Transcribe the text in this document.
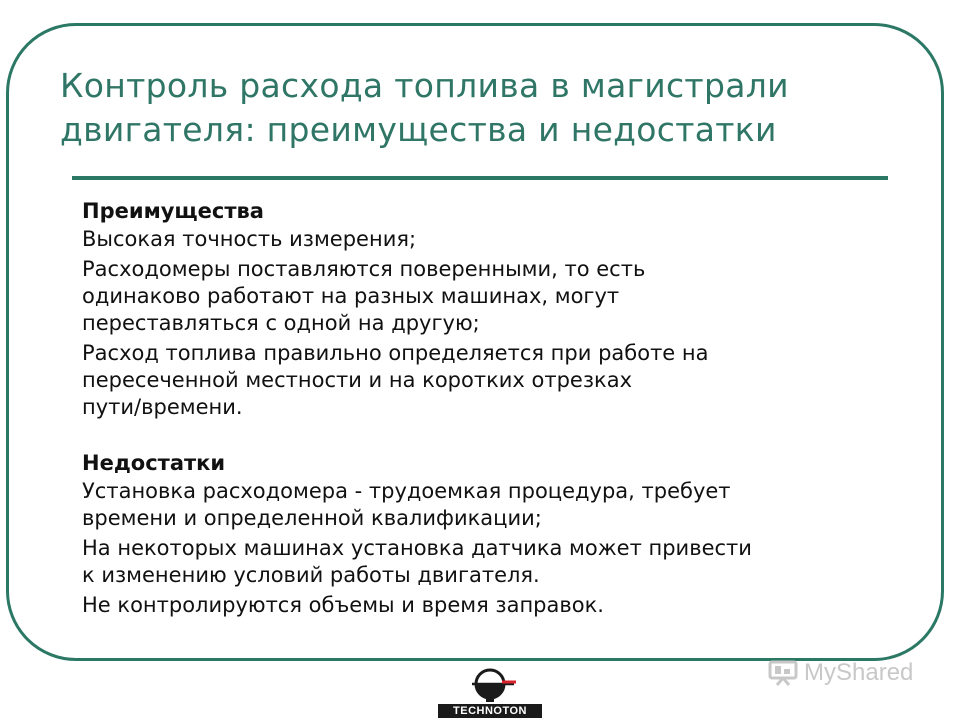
Контроль расхода топлива в магистрали
двигателя: преимущества и недостатки
Преимущества
Высокая точность измерения;
Расходомеры поставляются поверенными, то есть
одинаково работают на разных машинах, могут
переставляться с одной на другую;
Расход топлива правильно определяется при работе на
пересеченной местности и на коротких отрезках
пути/времени.
Недостатки
Установка расходомера - трудоемкая процедура, требует
времени и определенной квалификации;
На некоторых машинах установка датчика может привести
к изменению условий работы двигателя.
Не контролируются объемы и время заправок.
MyShared
TECHNOTON
